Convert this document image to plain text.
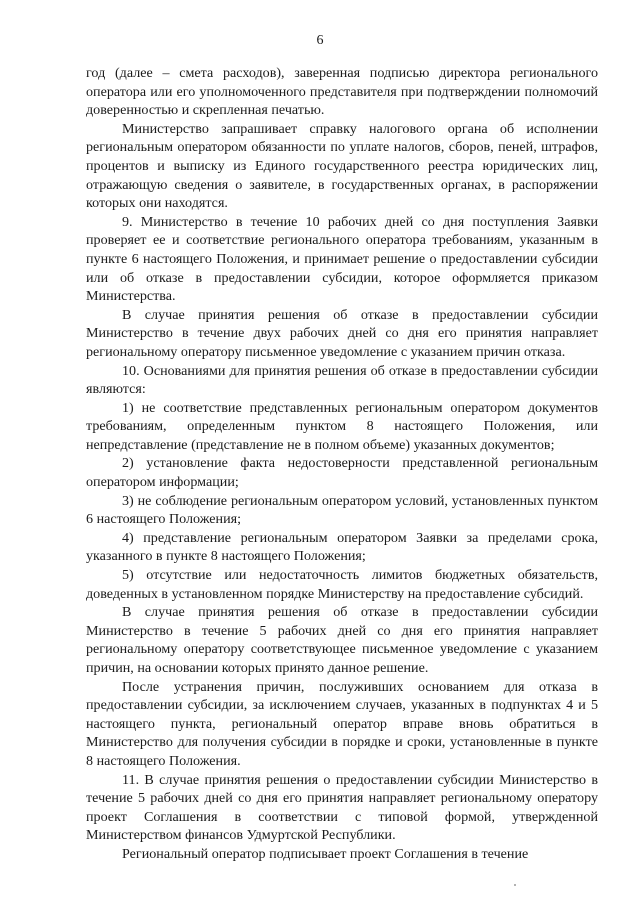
6

год (далее – смета расходов), заверенная подписью директора регионального оператора или его уполномоченного представителя при подтверждении полномочий доверенностью и скрепленная печатью.

Министерство запрашивает справку налогового органа об исполнении региональным оператором обязанности по уплате налогов, сборов, пеней, штрафов, процентов и выписку из Единого государственного реестра юридических лиц, отражающую сведения о заявителе, в государственных органах, в распоряжении которых они находятся.

9. Министерство в течение 10 рабочих дней со дня поступления Заявки проверяет ее и соответствие регионального оператора требованиям, указанным в пункте 6 настоящего Положения, и принимает решение о предоставлении субсидии или об отказе в предоставлении субсидии, которое оформляется приказом Министерства.

В случае принятия решения об отказе в предоставлении субсидии Министерство в течение двух рабочих дней со дня его принятия направляет региональному оператору письменное уведомление с указанием причин отказа.

10. Основаниями для принятия решения об отказе в предоставлении субсидии являются:

1) не соответствие представленных региональным оператором документов требованиям, определенным пунктом 8 настоящего Положения, или непредставление (представление не в полном объеме) указанных документов;

2) установление факта недостоверности представленной региональным оператором информации;

3) не соблюдение региональным оператором условий, установленных пунктом 6 настоящего Положения;

4) представление региональным оператором Заявки за пределами срока, указанного в пункте 8 настоящего Положения;

5) отсутствие или недостаточность лимитов бюджетных обязательств, доведенных в установленном порядке Министерству на предоставление субсидий.

В случае принятия решения об отказе в предоставлении субсидии Министерство в течение 5 рабочих дней со дня его принятия направляет региональному оператору соответствующее письменное уведомление с указанием причин, на основании которых принято данное решение.

После устранения причин, послуживших основанием для отказа в предоставлении субсидии, за исключением случаев, указанных в подпунктах 4 и 5 настоящего пункта, региональный оператор вправе вновь обратиться в Министерство для получения субсидии в порядке и сроки, установленные в пункте 8 настоящего Положения.

11. В случае принятия решения о предоставлении субсидии Министерство в течение 5 рабочих дней со дня его принятия направляет региональному оператору проект Соглашения в соответствии с типовой формой, утвержденной Министерством финансов Удмуртской Республики.

Региональный оператор подписывает проект Соглашения в течение
